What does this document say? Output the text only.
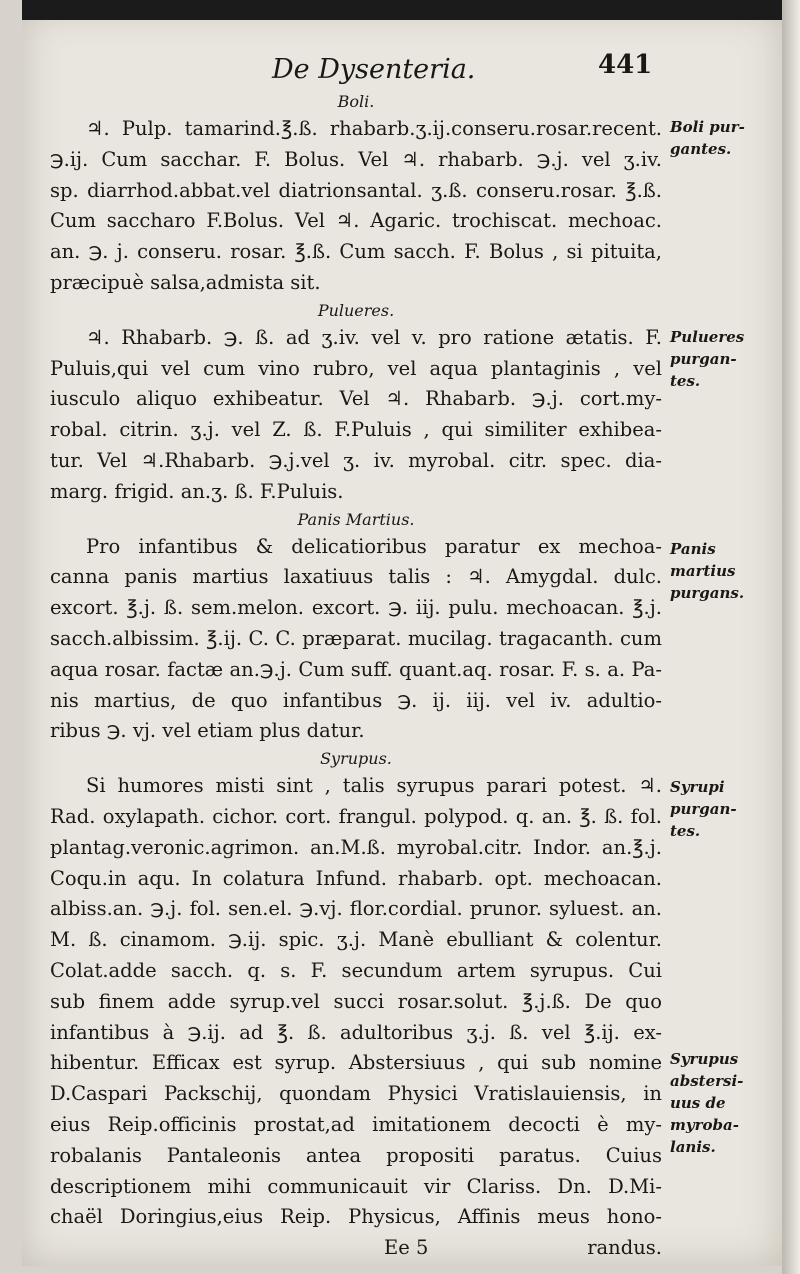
De Dysenteria.	441
Boli.
♃. Pulp. tamarind.℥.ß. rhabarb.ʒ.ij.conseru.rosar.recent.
℈.ij. Cum sacchar. F. Bolus. Vel ♃. rhabarb. ℈.j. vel ʒ.iv.
sp. diarrhod.abbat.vel diatrionsantal. ʒ.ß. conseru.rosar. ℥.ß.
Cum saccharo F.Bolus. Vel ♃. Agaric. trochiscat. mechoac.
an. ℈. j. conseru. rosar. ℥.ß. Cum sacch. F. Bolus , si pituita,
præcipuè salsa,admista sit.
Pulueres.
♃. Rhabarb. ℈. ß. ad ʒ.iv. vel v. pro ratione ætatis. F.
Puluis,qui vel cum vino rubro, vel aqua plantaginis , vel
iusculo aliquo exhibeatur. Vel ♃. Rhabarb. ℈.j. cort.my-
robal. citrin. ʒ.j. vel Z. ß. F.Puluis , qui similiter exhibea-
tur. Vel ♃.Rhabarb. ℈.j.vel ʒ. iv. myrobal. citr. spec. dia-
marg. frigid. an.ʒ. ß. F.Puluis.
Panis Martius.
Pro infantibus & delicatioribus paratur ex mechoa-
canna panis martius laxatiuus talis : ♃. Amygdal. dulc.
excort. ℥.j. ß. sem.melon. excort. ℈. iij. pulu. mechoacan. ℥.j.
sacch.albissim. ℥.ij. C. C. præparat. mucilag. tragacanth. cum
aqua rosar. factæ an.℈.j. Cum suff. quant.aq. rosar. F. s. a. Pa-
nis martius, de quo infantibus ℈. ij. iij. vel iv. adultio-
ribus ℈. vj. vel etiam plus datur.
Syrupus.
Si humores misti sint , talis syrupus parari potest. ♃.
Rad. oxylapath. cichor. cort. frangul. polypod. q. an. ℥. ß. fol.
plantag.veronic.agrimon. an.M.ß. myrobal.citr. Indor. an.℥.j.
Coqu.in aqu. In colatura Infund. rhabarb. opt. mechoacan.
albiss.an. ℈.j. fol. sen.el. ℈.vj. flor.cordial. prunor. syluest. an.
M. ß. cinamom. ℈.ij. spic. ʒ.j. Manè ebulliant & colentur.
Colat.adde sacch. q. s. F. secundum artem syrupus. Cui
sub finem adde syrup.vel succi rosar.solut. ℥.j.ß. De quo
infantibus à ℈.ij. ad ℥. ß. adultoribus ʒ.j. ß. vel ℥.ij. ex-
hibentur. Efficax est syrup. Abstersiuus , qui sub nomine
D.Caspari Packschij, quondam Physici Vratislauiensis, in
eius Reip.officinis prostat,ad imitationem decocti è my-
robalanis Pantaleonis antea propositi paratus. Cuius
descriptionem mihi communicauit vir Clariss. Dn. D.Mi-
chaël Doringius,eius Reip. Physicus, Affinis meus hono-
Ee 5	randus.
Boli pur-
gantes.
Pulueres
purgan-
tes.
Panis
martius
purgans.
Syrupi
purgan-
tes.
Syrupus
abstersi-
uus de
myroba-
lanis.
